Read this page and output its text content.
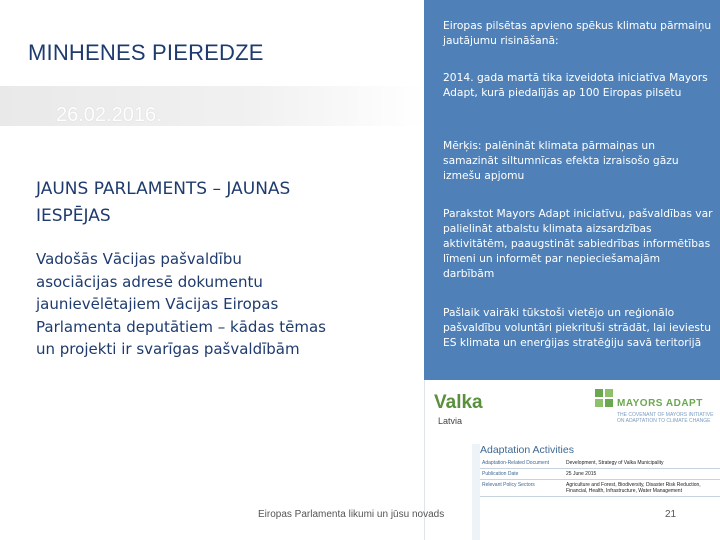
MINHENES PIEREDZE
26.02.2016.
JAUNS PARLAMENTS – JAUNAS IESPĒJAS
Vadošās Vācijas pašvaldību asociācijas adresē dokumentu jaunievēlētajiem Vācijas Eiropas Parlamenta deputātiem – kādas tēmas un projekti ir svarīgas pašvaldībām

Eiropas pilsētas apvieno spēkus klimatu pārmaiņu jautājumu risināšanā:

2014. gada martā tika izveidota iniciatīva Mayors Adapt, kurā piedalījās ap 100 Eiropas pilsētu

Mērķis: palēnināt klimata pārmaiņas un samazināt siltumnīcas efekta izraisošo gāzu izmešu apjomu

Parakstot Mayors Adapt iniciatīvu, pašvaldības var palielināt atbalstu klimata aizsardzības aktivitātēm, paaugstināt sabiedrības informētības līmeni un informēt par nepieciešamajām darbībām

Pašlaik vairāki tūkstoši vietējo un reģionālo pašvaldību voluntāri piekrituši strādāt, lai ieviestu ES klimata un enerģijas stratēģiju savā teritorijā

Valka
Latvia
MAYORS ADAPT
THE COVENANT OF MAYORS INITIATIVE ON ADAPTATION TO CLIMATE CHANGE
Adaptation Activities
Adaptation-Related Document	Development, Strategy of Valka Municipality
Publication Date	25 June 2015
Relevant Policy Sectors	Agriculture and Forest, Biodiversity, Disaster Risk Reduction, Financial, Health, Infrastructure, Water Management
Eiropas Parlamenta likumi un jūsu novads	21
